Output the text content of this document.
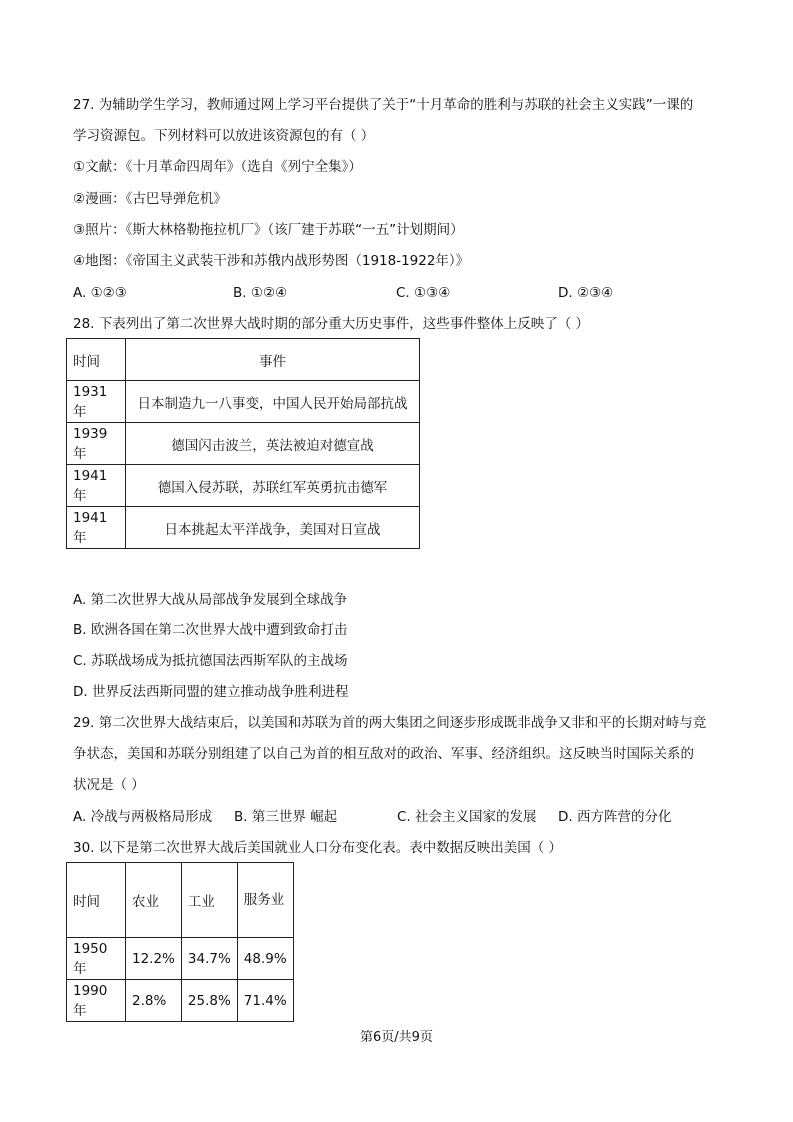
27. 为辅助学生学习，教师通过网上学习平台提供了关于“十月革命的胜利与苏联的社会主义实践”一课的
学习资源包。下列材料可以放进该资源包的有（ ）
①文献：《十月革命四周年》（选自《列宁全集》）
②漫画：《古巴导弹危机》
③照片：《斯大林格勒拖拉机厂》（该厂建于苏联“一五”计划期间）
④地图：《帝国主义武装干涉和苏俄内战形势图（1918-1922年）》
A. ①②③	B. ①②④	C. ①③④	D. ②③④
28. 下表列出了第二次世界大战时期的部分重大历史事件，这些事件整体上反映了（ ）
时间	事件
1931年	日本制造九一八事变，中国人民开始局部抗战
1939年	德国闪击波兰，英法被迫对德宣战
1941年	德国入侵苏联，苏联红军英勇抗击德军
1941年	日本挑起太平洋战争，美国对日宣战
A. 第二次世界大战从局部战争发展到全球战争
B. 欧洲各国在第二次世界大战中遭到致命打击
C. 苏联战场成为抵抗德国法西斯军队的主战场
D. 世界反法西斯同盟的建立推动战争胜利进程
29. 第二次世界大战结束后，以美国和苏联为首的两大集团之间逐步形成既非战争又非和平的长期对峙与竞
争状态，美国和苏联分别组建了以自己为首的相互敌对的政治、军事、经济组织。这反映当时国际关系的
状况是（ ）
A. 冷战与两极格局形成 B. 第三世界 崛起	C. 社会主义国家的发展 D. 西方阵营的分化
30. 以下是第二次世界大战后美国就业人口分布变化表。表中数据反映出美国（ ）
时间	农业	工业	服务业
1950年	12.2%	34.7%	48.9%
1990年	2.8%	25.8%	71.4%
第6页/共9页
